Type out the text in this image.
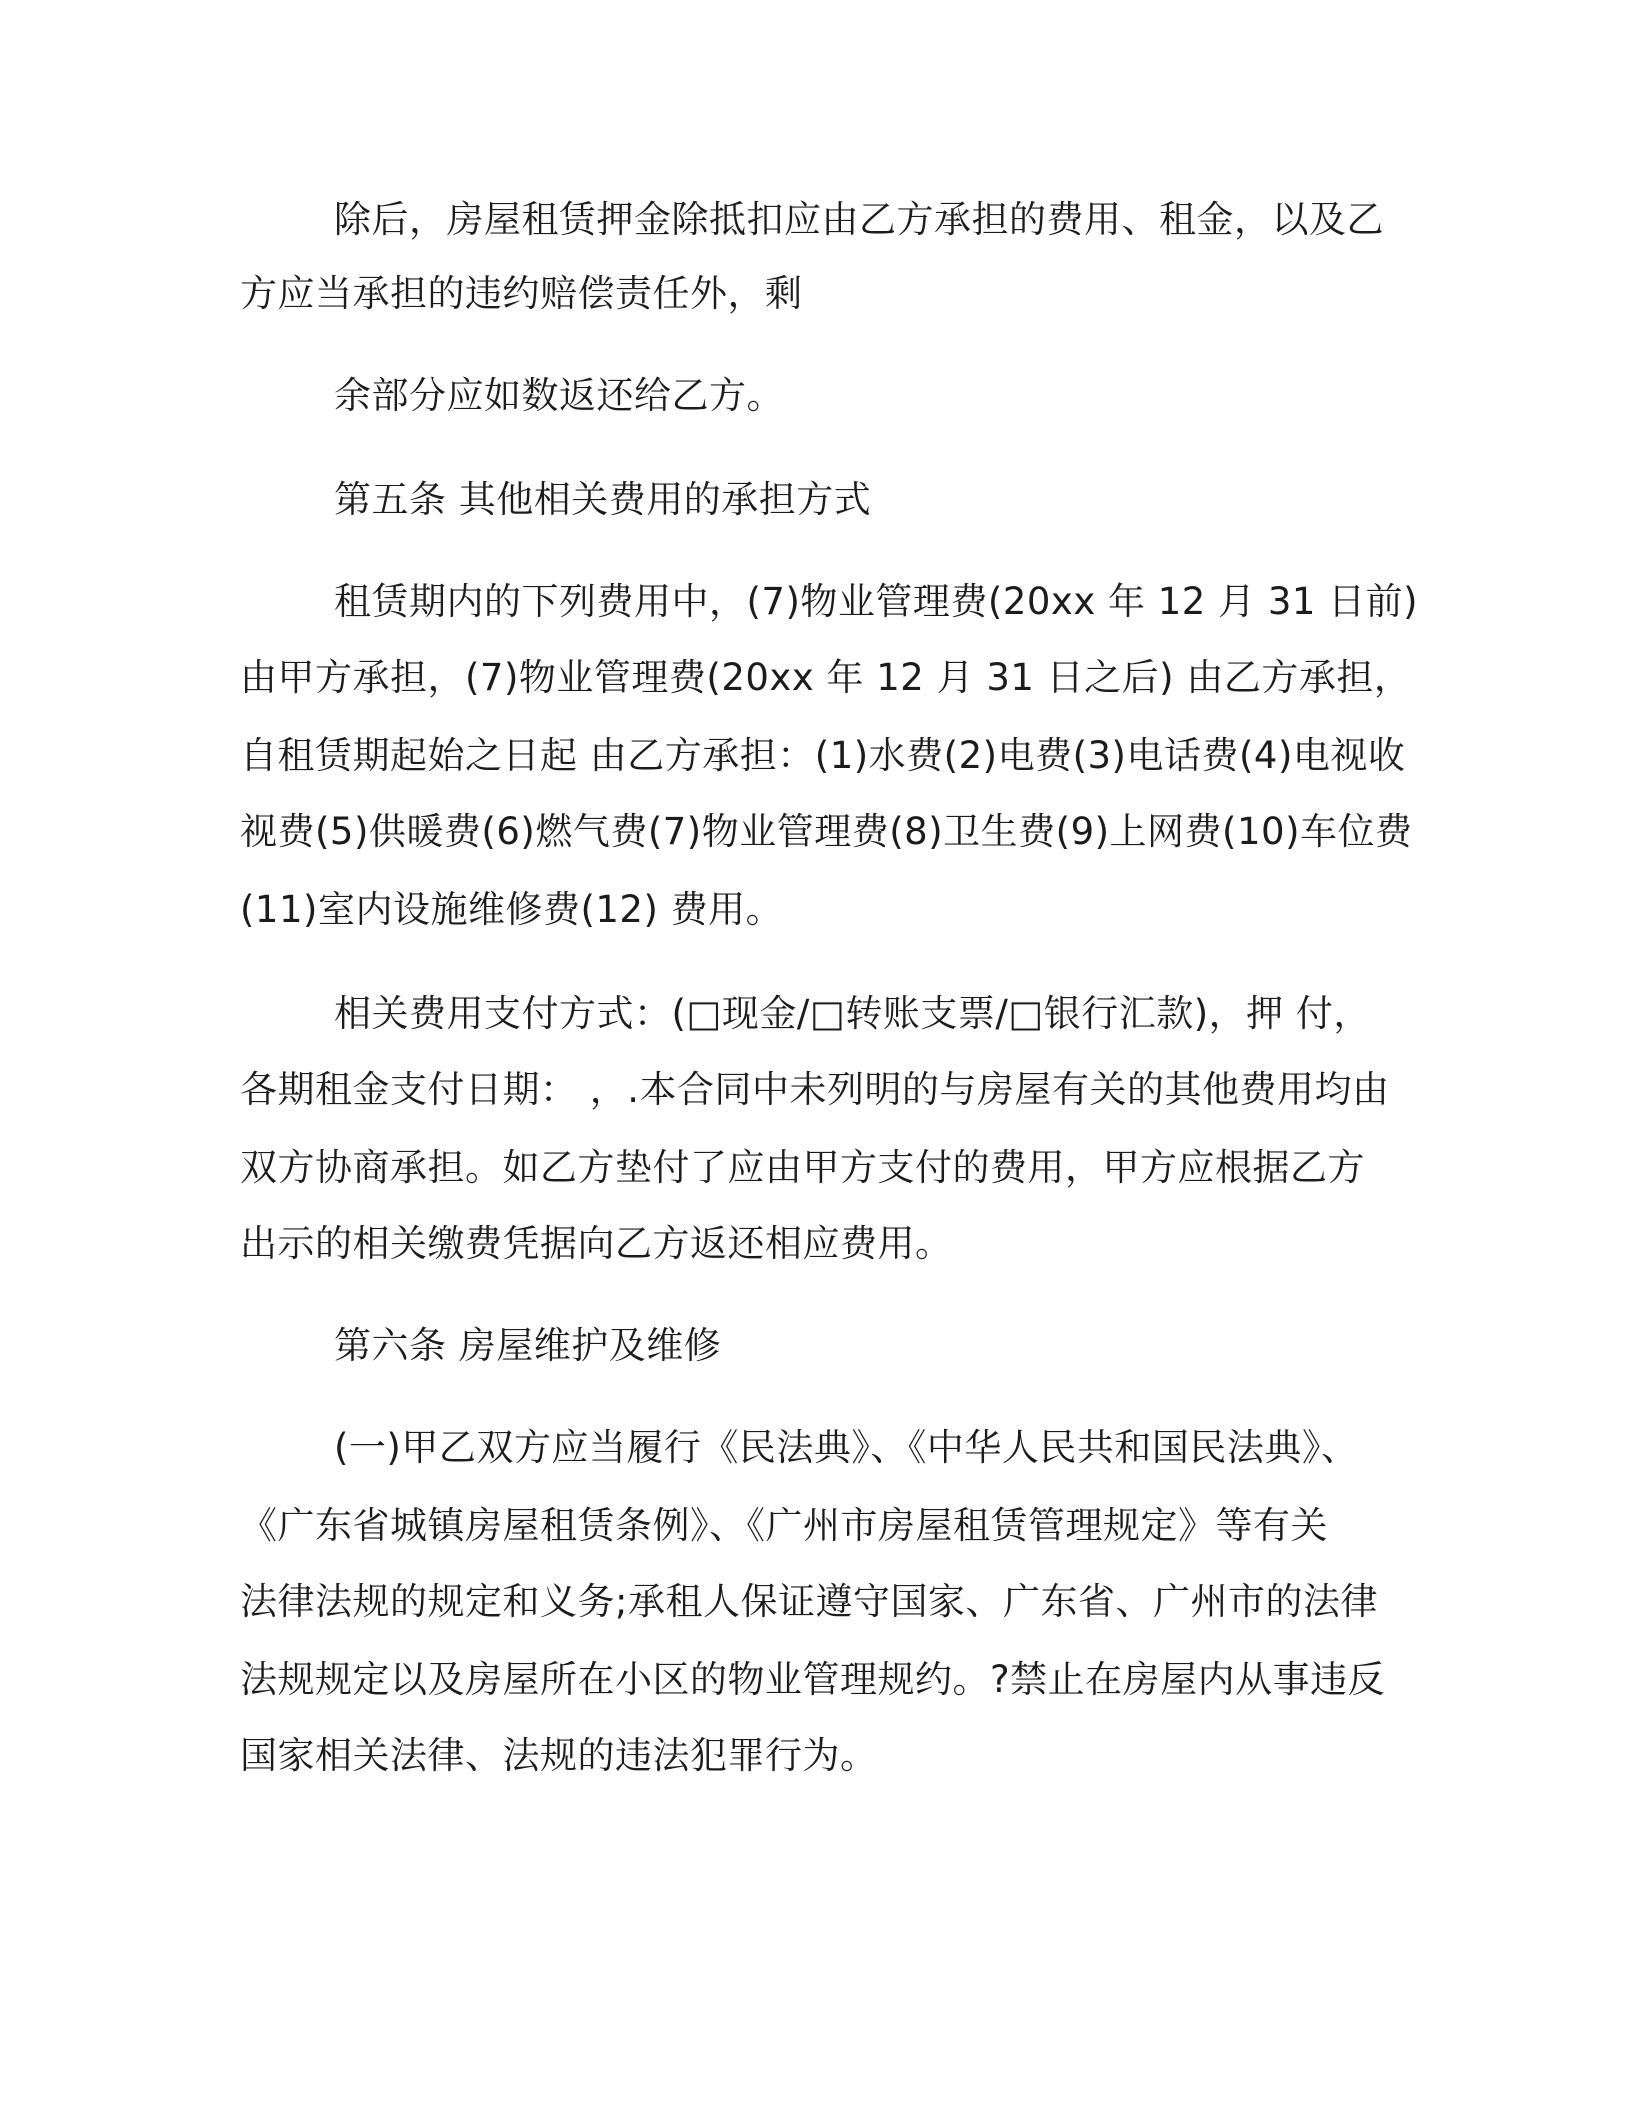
除后，房屋租赁押金除抵扣应由乙方承担的费用、租金，以及乙
方应当承担的违约赔偿责任外，剩
余部分应如数返还给乙方。
第五条 其他相关费用的承担方式
租赁期内的下列费用中，(7)物业管理费(20xx 年 12 月 31 日前)
由甲方承担，(7)物业管理费(20xx 年 12 月 31 日之后) 由乙方承担，
自租赁期起始之日起 由乙方承担：(1)水费(2)电费(3)电话费(4)电视收
视费(5)供暖费(6)燃气费(7)物业管理费(8)卫生费(9)上网费(10)车位费
(11)室内设施维修费(12) 费用。
相关费用支付方式：(□现金/□转账支票/□银行汇款)，押 付，
各期租金支付日期： ，.本合同中未列明的与房屋有关的其他费用均由
双方协商承担。如乙方垫付了应由甲方支付的费用，甲方应根据乙方
出示的相关缴费凭据向乙方返还相应费用。
第六条 房屋维护及维修
(一)甲乙双方应当履行《民法典》、《中华人民共和国民法典》、
《广东省城镇房屋租赁条例》、《广州市房屋租赁管理规定》等有关
法律法规的规定和义务;承租人保证遵守国家、广东省、广州市的法律
法规规定以及房屋所在小区的物业管理规约。?禁止在房屋内从事违反
国家相关法律、法规的违法犯罪行为。
